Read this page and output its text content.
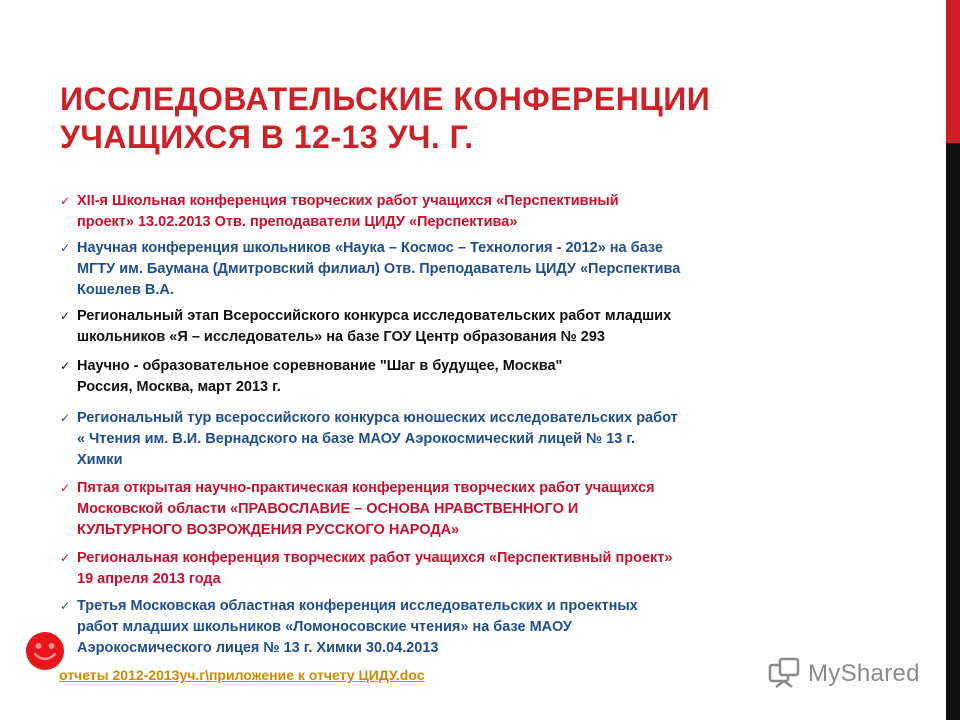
ИССЛЕДОВАТЕЛЬСКИЕ КОНФЕРЕНЦИИ
УЧАЩИХСЯ В 12-13 УЧ. Г.
✓ XII-я Школьная конференция творческих работ учащихся «Перспективный
проект» 13.02.2013 Отв. преподаватели ЦИДУ «Перспектива»
✓ Научная конференция школьников «Наука – Космос – Технология - 2012» на базе
МГТУ им. Баумана (Дмитровский филиал) Отв. Преподаватель ЦИДУ «Перспектива
Кошелев В.А.
✓ Региональный этап Всероссийского конкурса исследовательских работ младших
школьников «Я – исследователь» на базе ГОУ Центр образования № 293
✓ Научно - образовательное соревнование "Шаг в будущее, Москва"
Россия, Москва, март 2013 г.
✓ Региональный тур всероссийского конкурса юношеских исследовательских работ
« Чтения им. В.И. Вернадского на базе МАОУ Аэрокосмический лицей № 13 г.
Химки
✓ Пятая открытая научно-практическая конференция творческих работ учащихся
Московской области «ПРАВОСЛАВИЕ – ОСНОВА НРАВСТВЕННОГО И
КУЛЬТУРНОГО ВОЗРОЖДЕНИЯ РУССКОГО НАРОДА»
✓ Региональная конференция творческих работ учащихся «Перспективный проект»
19 апреля 2013 года
✓ Третья Московская областная конференция исследовательских и проектных
работ младших школьников «Ломоносовские чтения» на базе МАОУ
Аэрокосмического лицея № 13 г. Химки 30.04.2013
отчеты 2012-2013уч.г\приложение к отчету ЦИДУ.doc	MyShared
